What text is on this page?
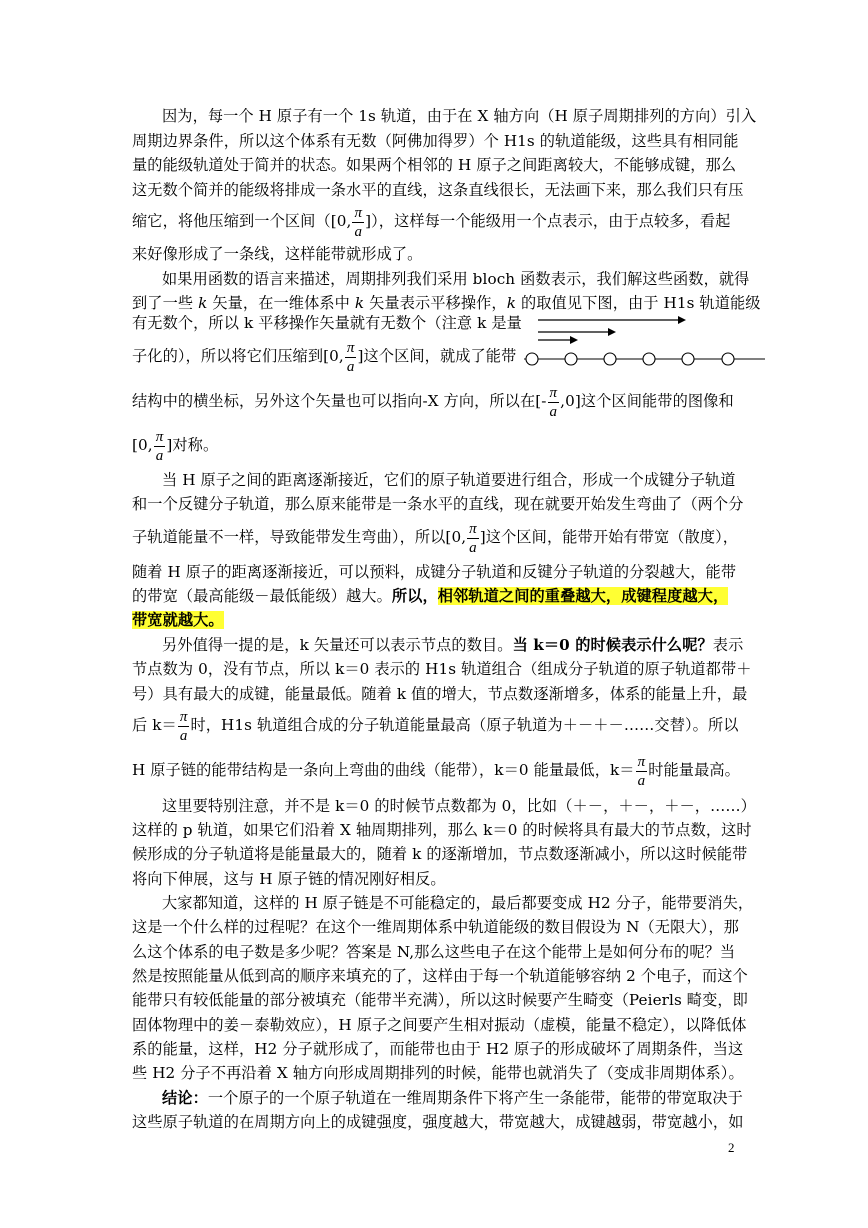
因为，每一个 H 原子有一个 1s 轨道，由于在 X 轴方向（H 原子周期排列的方向）引入
周期边界条件，所以这个体系有无数（阿佛加得罗）个 H1s 的轨道能级，这些具有相同能
量的能级轨道处于简并的状态。如果两个相邻的 H 原子之间距离较大，不能够成键，那么
这无数个简并的能级将排成一条水平的直线，这条直线很长，无法画下来，那么我们只有压
缩它，将他压缩到一个区间（[0, $\frac{\pi}{a}$ ]），这样每一个能级用一个点表示，由于点较多，看起
来好像形成了一条线，这样能带就形成了。
如果用函数的语言来描述，周期排列我们采用 bloch 函数表示，我们解这些函数，就得
到了一些 k 矢量，在一维体系中 k 矢量表示平移操作，k 的取值见下图，由于 H1s 轨道能级
有无数个，所以 k 平移操作矢量就有无数个（注意 k 是量
子化的），所以将它们压缩到[0, $\frac{\pi}{a}$ ]这个区间，就成了能带
结构中的横坐标，另外这个矢量也可以指向-X 方向，所以在[- $\frac{\pi}{a} ,0$]这个区间能带的图像和
[0, $\frac{\pi}{a}$ ]对称。
当 H 原子之间的距离逐渐接近，它们的原子轨道要进行组合，形成一个成键分子轨道
和一个反键分子轨道，那么原来能带是一条水平的直线，现在就要开始发生弯曲了（两个分
子轨道能量不一样，导致能带发生弯曲），所以[0, $\frac{\pi}{a}$ ]这个区间，能带开始有带宽（散度），
随着 H 原子的距离逐渐接近，可以预料，成键分子轨道和反键分子轨道的分裂越大，能带
的带宽（最高能级－最低能级）越大。所以，相邻轨道之间的重叠越大，成键程度越大，
带宽就越大。
另外值得一提的是，k 矢量还可以表示节点的数目。当 k＝0 的时候表示什么呢？表示
节点数为 0，没有节点，所以 k＝0 表示的 H1s 轨道组合（组成分子轨道的原子轨道都带＋
号）具有最大的成键，能量最低。随着 k 值的增大，节点数逐渐增多，体系的能量上升，最
后 $k= \frac{\pi}{a}$ 时，H1s 轨道组合成的分子轨道能量最高（原子轨道为＋－＋－……交替）。所以
H 原子链的能带结构是一条向上弯曲的曲线（能带），k＝0 能量最低，$k= \frac{\pi}{a}$ 时能量最高。
这里要特别注意，并不是 k＝0 的时候节点数都为 0，比如（＋－，＋－，＋－，……）
这样的 p 轨道，如果它们沿着 X 轴周期排列，那么 k＝0 的时候将具有最大的节点数，这时
候形成的分子轨道将是能量最大的，随着 k 的逐渐增加，节点数逐渐减小，所以这时候能带
将向下伸展，这与 H 原子链的情况刚好相反。
大家都知道，这样的 H 原子链是不可能稳定的，最后都要变成 H2 分子，能带要消失，
这是一个什么样的过程呢？在这个一维周期体系中轨道能级的数目假设为 N（无限大），那
么这个体系的电子数是多少呢？答案是 N,那么这些电子在这个能带上是如何分布的呢？当
然是按照能量从低到高的顺序来填充的了，这样由于每一个轨道能够容纳 2 个电子，而这个
能带只有较低能量的部分被填充（能带半充满），所以这时候要产生畸变（Peierls 畸变，即
固体物理中的姜－泰勒效应），H 原子之间要产生相对振动（虚模，能量不稳定），以降低体
系的能量，这样，H2 分子就形成了，而能带也由于 H2 原子的形成破坏了周期条件，当这
些 H2 分子不再沿着 X 轴方向形成周期排列的时候，能带也就消失了（变成非周期体系）。
结论：一个原子的一个原子轨道在一维周期条件下将产生一条能带，能带的带宽取决于
这些原子轨道的在周期方向上的成键强度，强度越大，带宽越大，成键越弱，带宽越小，如
2
